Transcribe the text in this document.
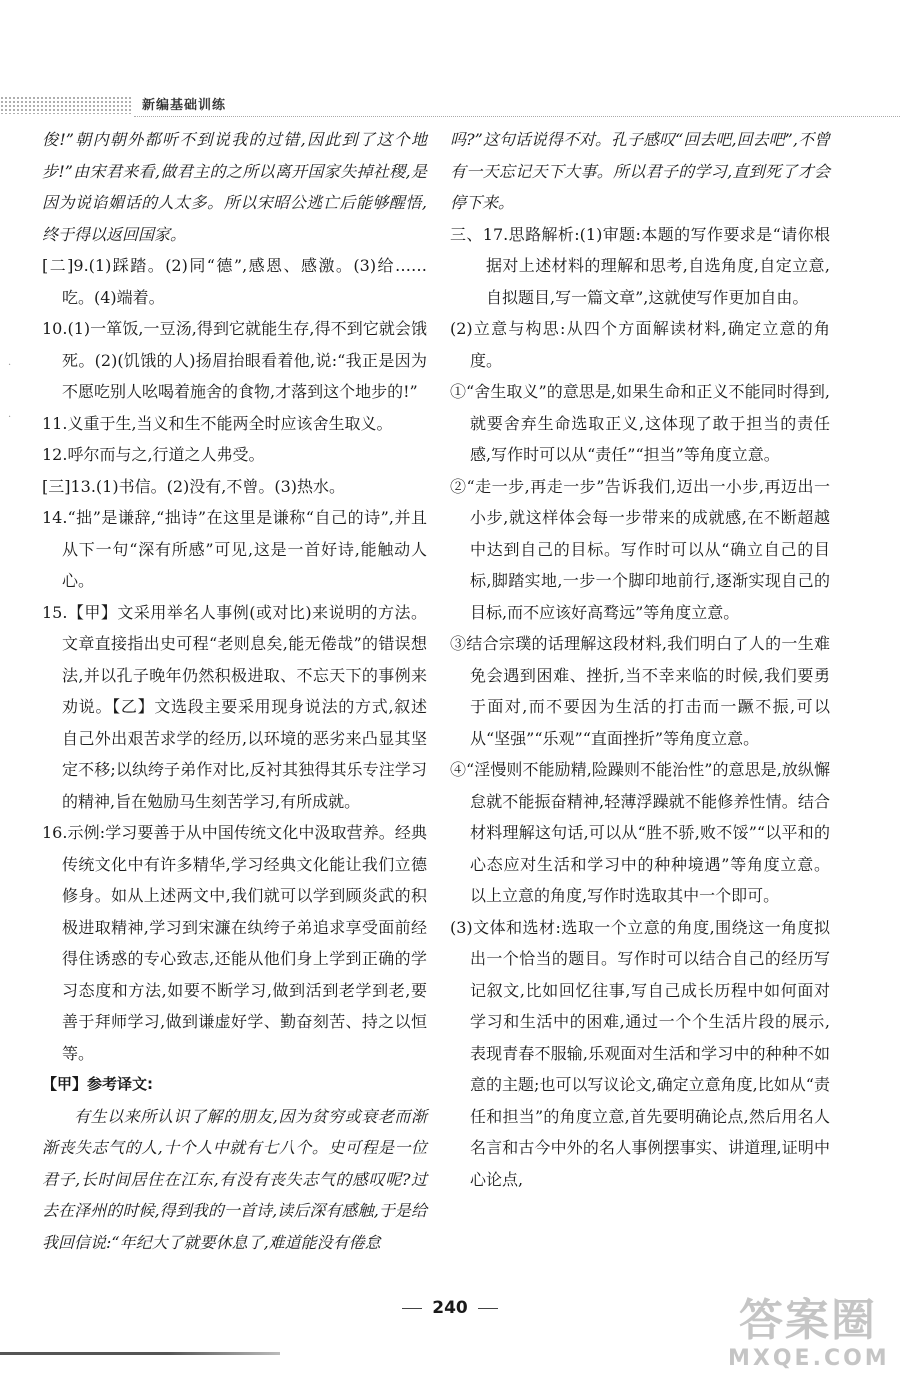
新编基础训练
·
·

俊!”朝内朝外都听不到说我的过错,因此到了这个地步!”由宋君来看,做君主的之所以离开国家失掉社稷,是因为说谄媚话的人太多。所以宋昭公逃亡后能够醒悟,终于得以返回国家。

[二]9.(1)踩踏。(2)同“德”,感恩、感激。(3)给……吃。(4)端着。

10.(1)一箪饭,一豆汤,得到它就能生存,得不到它就会饿死。(2)(饥饿的人)扬眉抬眼看着他,说:“我正是因为不愿吃别人吆喝着施舍的食物,才落到这个地步的!”

11.义重于生,当义和生不能两全时应该舍生取义。

12.呼尔而与之,行道之人弗受。

[三]13.(1)书信。(2)没有,不曾。(3)热水。

14.“拙”是谦辞,“拙诗”在这里是谦称“自己的诗”,并且从下一句“深有所感”可见,这是一首好诗,能触动人心。

15.【甲】文采用举名人事例(或对比)来说明的方法。文章直接指出史可程“老则息矣,能无倦哉”的错误想法,并以孔子晚年仍然积极进取、不忘天下的事例来劝说。【乙】文选段主要采用现身说法的方式,叙述自己外出艰苦求学的经历,以环境的恶劣来凸显其坚定不移;以纨绔子弟作对比,反衬其独得其乐专注学习的精神,旨在勉励马生刻苦学习,有所成就。

16.示例:学习要善于从中国传统文化中汲取营养。经典传统文化中有许多精华,学习经典文化能让我们立德修身。如从上述两文中,我们就可以学到顾炎武的积极进取精神,学习到宋濂在纨绔子弟追求享受面前经得住诱惑的专心致志,还能从他们身上学到正确的学习态度和方法,如要不断学习,做到活到老学到老,要善于拜师学习,做到谦虚好学、勤奋刻苦、持之以恒等。

【甲】参考译文:

有生以来所认识了解的朋友,因为贫穷或衰老而渐渐丧失志气的人,十个人中就有七八个。史可程是一位君子,长时间居住在江东,有没有丧失志气的感叹呢?过去在泽州的时候,得到我的一首诗,读后深有感触,于是给我回信说:“年纪大了就要休息了,难道能没有倦怠

吗?”这句话说得不对。孔子感叹“回去吧,回去吧”,不曾有一天忘记天下大事。所以君子的学习,直到死了才会停下来。

三、17.思路解析:(1)审题:本题的写作要求是“请你根据对上述材料的理解和思考,自选角度,自定立意,自拟题目,写一篇文章”,这就使写作更加自由。

(2)立意与构思:从四个方面解读材料,确定立意的角度。

①“舍生取义”的意思是,如果生命和正义不能同时得到,就要舍弃生命选取正义,这体现了敢于担当的责任感,写作时可以从“责任”“担当”等角度立意。

②“走一步,再走一步”告诉我们,迈出一小步,再迈出一小步,就这样体会每一步带来的成就感,在不断超越中达到自己的目标。写作时可以从“确立自己的目标,脚踏实地,一步一个脚印地前行,逐渐实现自己的目标,而不应该好高骛远”等角度立意。

③结合宗璞的话理解这段材料,我们明白了人的一生难免会遇到困难、挫折,当不幸来临的时候,我们要勇于面对,而不要因为生活的打击而一蹶不振,可以从“坚强”“乐观”“直面挫折”等角度立意。

④“淫慢则不能励精,险躁则不能治性”的意思是,放纵懈怠就不能振奋精神,轻薄浮躁就不能修养性情。结合材料理解这句话,可以从“胜不骄,败不馁”“以平和的心态应对生活和学习中的种种境遇”等角度立意。以上立意的角度,写作时选取其中一个即可。

(3)文体和选材:选取一个立意的角度,围绕这一角度拟出一个恰当的题目。写作时可以结合自己的经历写记叙文,比如回忆往事,写自己成长历程中如何面对学习和生活中的困难,通过一个个生活片段的展示,表现青春不服输,乐观面对生活和学习中的种种不如意的主题;也可以写议论文,确定立意角度,比如从“责任和担当”的角度立意,首先要明确论点,然后用名人名言和古今中外的名人事例摆事实、讲道理,证明中心论点,

240	答案圈
MXQE.COM
